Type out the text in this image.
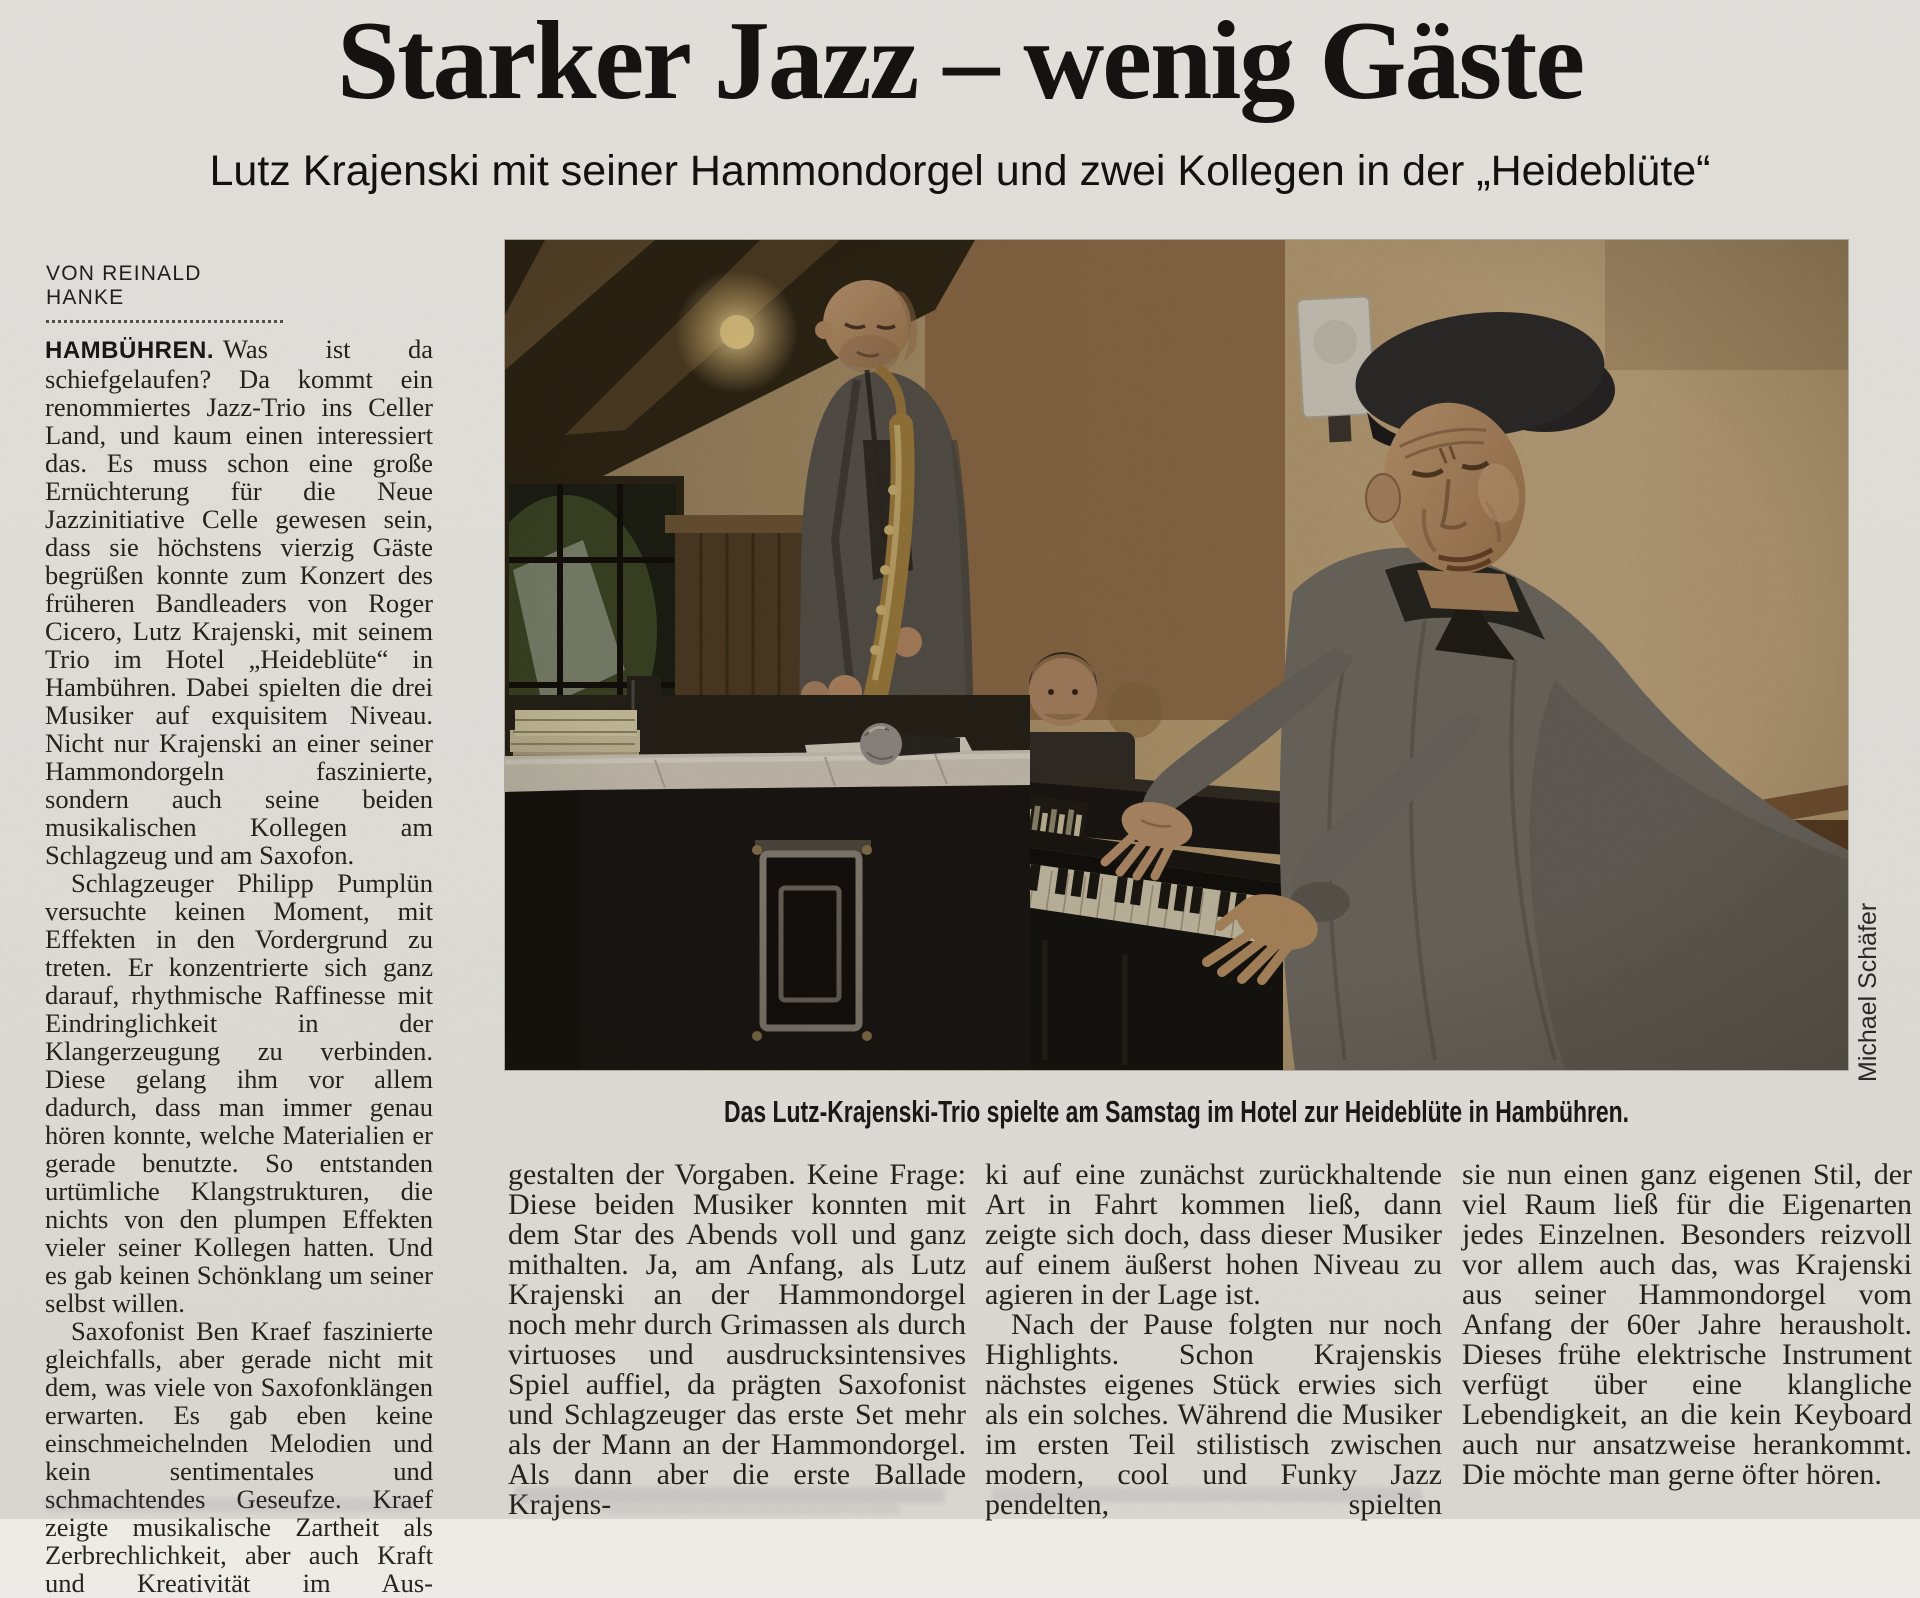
Starker Jazz – wenig Gäste
Lutz Krajenski mit seiner Hammondorgel und zwei Kollegen in der „Heideblüte“
VON REINALD HANKE

HAMBÜHREN. Was ist da schiefgelaufen? Da kommt ein renommiertes Jazz-Trio ins Celler Land, und kaum einen interessiert das. Es muss schon eine große Ernüchterung für die Neue Jazzinitiative Celle gewesen sein, dass sie höchstens vierzig Gäste begrüßen konnte zum Konzert des früheren Bandleaders von Roger Cicero, Lutz Krajenski, mit seinem Trio im Hotel „Heideblüte“ in Hambühren. Dabei spielten die drei Musiker auf exquisitem Niveau. Nicht nur Krajenski an einer seiner Hammondorgeln faszinierte, sondern auch seine beiden musikalischen Kollegen am Schlagzeug und am Saxofon.

Schlagzeuger Philipp Pumplün versuchte keinen Moment, mit Effekten in den Vordergrund zu treten. Er konzentrierte sich ganz darauf, rhythmische Raffinesse mit Eindringlichkeit in der Klangerzeugung zu verbinden. Diese gelang ihm vor allem dadurch, dass man immer genau hören konnte, welche Materialien er gerade benutzte. So entstanden urtümliche Klangstrukturen, die nichts von den plumpen Effekten vieler seiner Kollegen hatten. Und es gab keinen Schönklang um seiner selbst willen.

Saxofonist Ben Kraef faszinierte gleichfalls, aber gerade nicht mit dem, was viele von Saxofonklängen erwarten. Es gab eben keine einschmeichelnden Melodien und kein sentimentales und schmachtendes Geseufze. Kraef zeigte musikalische Zartheit als Zerbrechlichkeit, aber auch Kraft und Kreativität im Aus-

Michael Schäfer
Das Lutz-Krajenski-Trio spielte am Samstag im Hotel zur Heideblüte in Hambühren.

gestalten der Vorgaben. Keine Frage: Diese beiden Musiker konnten mit dem Star des Abends voll und ganz mithalten. Ja, am Anfang, als Lutz Krajenski an der Hammondorgel noch mehr durch Grimassen als durch virtuoses und ausdrucksintensives Spiel auffiel, da prägten Saxofonist und Schlagzeuger das erste Set mehr als der Mann an der Hammondorgel. Als dann aber die erste Ballade Krajens-

ki auf eine zunächst zurückhaltende Art in Fahrt kommen ließ, dann zeigte sich doch, dass dieser Musiker auf einem äußerst hohen Niveau zu agieren in der Lage ist.

Nach der Pause folgten nur noch Highlights. Schon Krajenskis nächstes eigenes Stück erwies sich als ein solches. Während die Musiker im ersten Teil stilistisch zwischen modern, cool und Funky Jazz pendelten, spielten

sie nun einen ganz eigenen Stil, der viel Raum ließ für die Eigenarten jedes Einzelnen. Besonders reizvoll vor allem auch das, was Krajenski aus seiner Hammondorgel vom Anfang der 60er Jahre herausholt. Dieses frühe elektrische Instrument verfügt über eine klangliche Lebendigkeit, an die kein Keyboard auch nur ansatzweise herankommt. Die möchte man gerne öfter hören.
